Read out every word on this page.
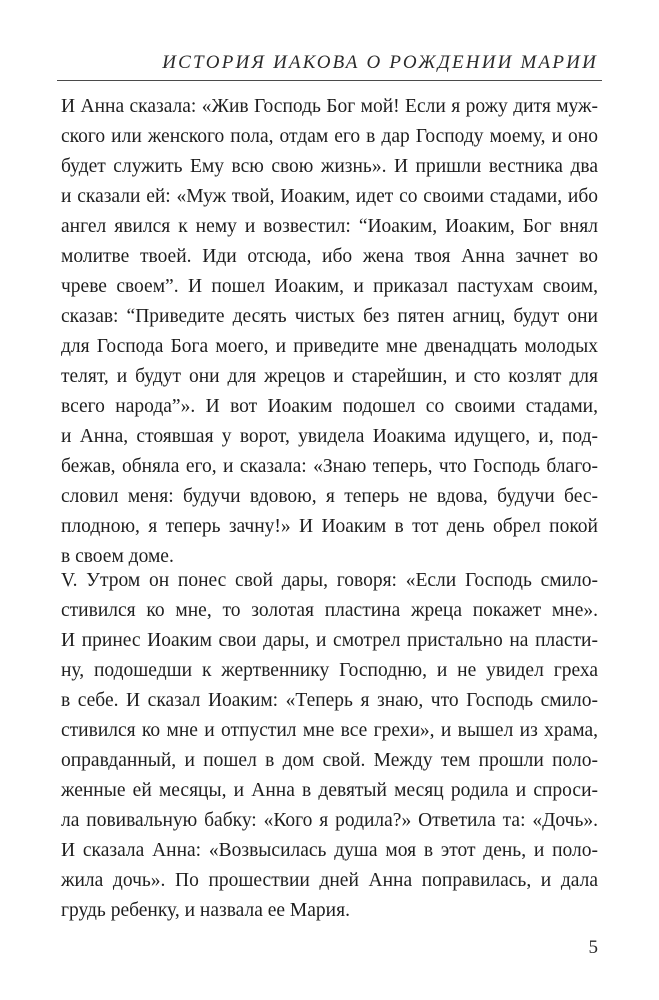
ИСТОРИЯ ИАКОВА О РОЖДЕНИИ МАРИИ
И Анна сказала: «Жив Господь Бог мой! Если я рожу дитя муж-
ского или женского пола, отдам его в дар Господу моему, и оно
будет служить Ему всю свою жизнь». И пришли вестника два
и сказали ей: «Муж твой, Иоаким, идет со своими стадами, ибо
ангел явился к нему и возвестил: “Иоаким, Иоаким, Бог внял
молитве твоей. Иди отсюда, ибо жена твоя Анна зачнет во
чреве своем”. И пошел Иоаким, и приказал пастухам своим,
сказав: “Приведите десять чистых без пятен агниц, будут они
для Господа Бога моего, и приведите мне двенадцать молодых
телят, и будут они для жрецов и старейшин, и сто козлят для
всего народа”». И вот Иоаким подошел со своими стадами,
и Анна, стоявшая у ворот, увидела Иоакима идущего, и, под-
бежав, обняла его, и сказала: «Знаю теперь, что Господь благо-
словил меня: будучи вдовою, я теперь не вдова, будучи бес-
плодною, я теперь зачну!» И Иоаким в тот день обрел покой
в своем доме.
V. Утром он понес свой дары, говоря: «Если Господь смило-
стивился ко мне, то золотая пластина жреца покажет мне».
И принес Иоаким свои дары, и смотрел пристально на пласти-
ну, подошедши к жертвеннику Господню, и не увидел греха
в себе. И сказал Иоаким: «Теперь я знаю, что Господь смило-
стивился ко мне и отпустил мне все грехи», и вышел из храма,
оправданный, и пошел в дом свой. Между тем прошли поло-
женные ей месяцы, и Анна в девятый месяц родила и спроси-
ла повивальную бабку: «Кого я родила?» Ответила та: «Дочь».
И сказала Анна: «Возвысилась душа моя в этот день, и поло-
жила дочь». По прошествии дней Анна поправилась, и дала
грудь ребенку, и назвала ее Мария.
5
